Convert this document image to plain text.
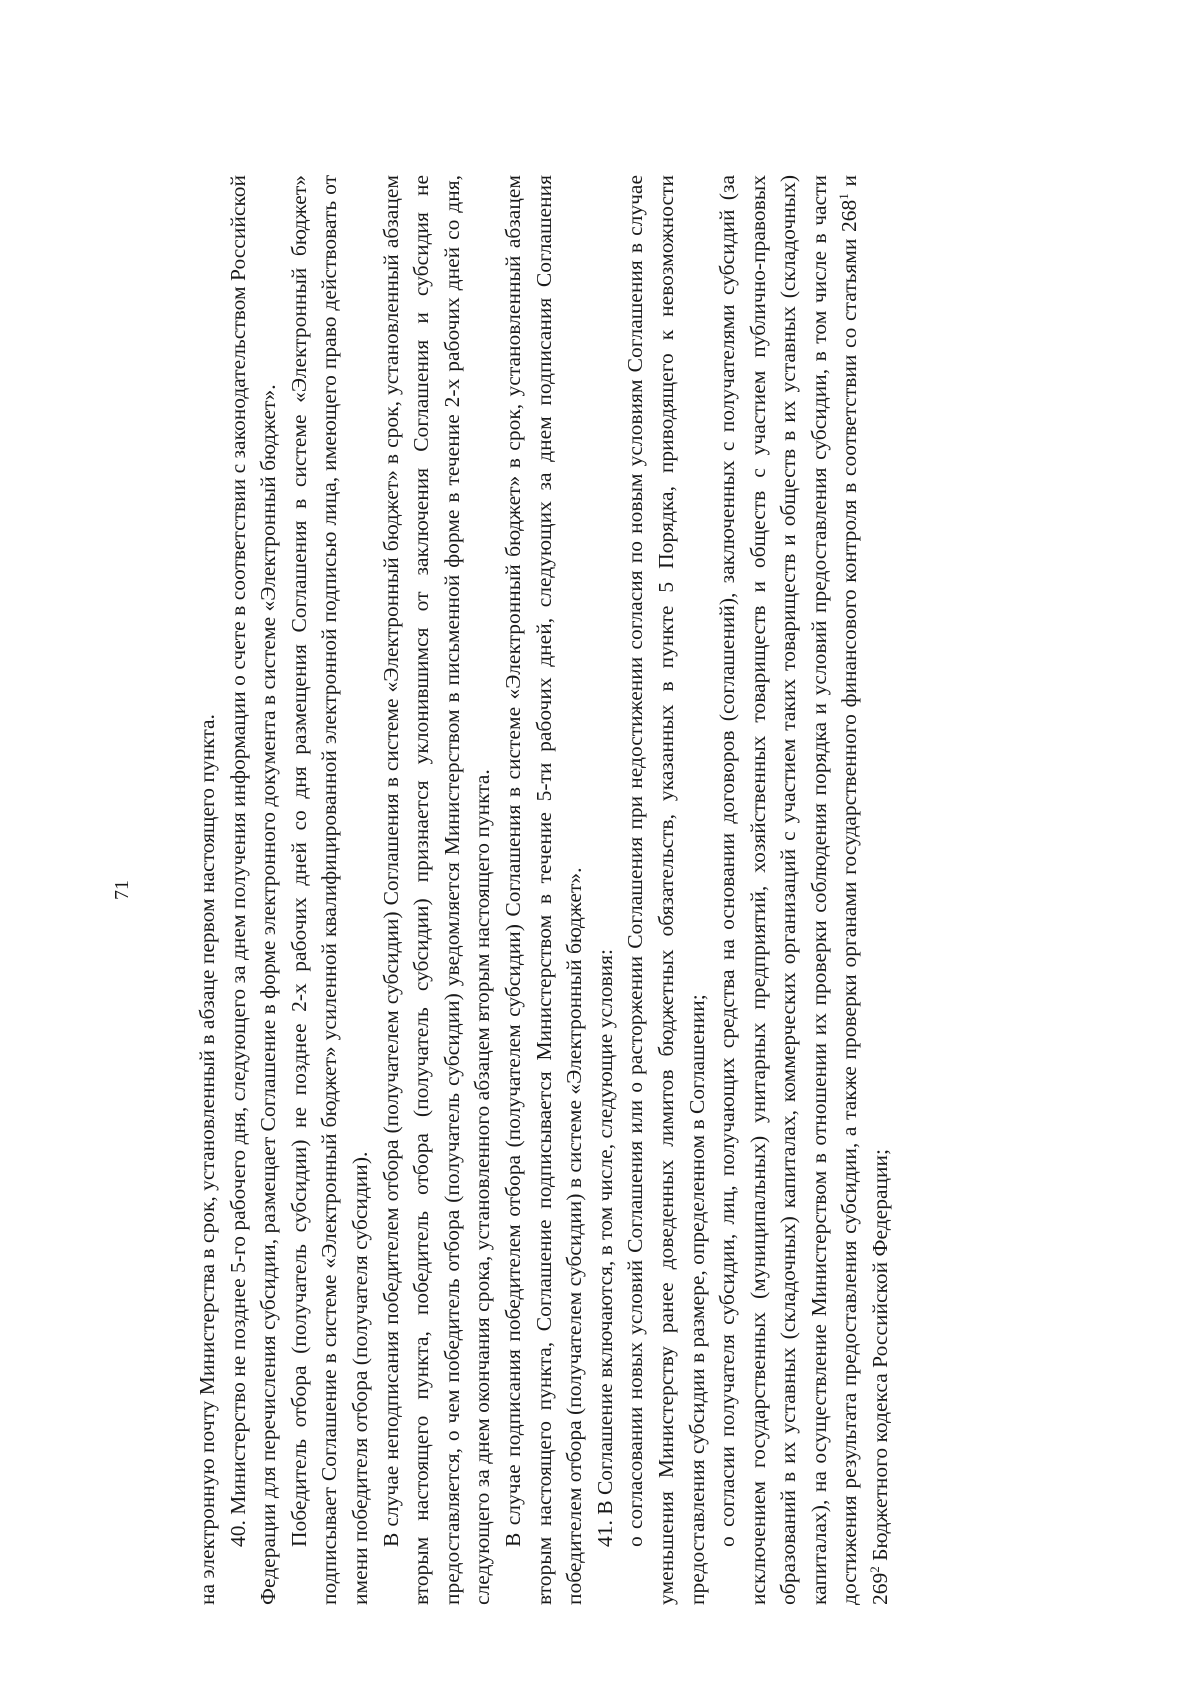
71	на электронную почту Министерства в срок, установленный в абзаце первом настоящего пункта. 40. Министерство не позднее 5-го рабочего дня, следующего за днем получения информации о счете в соответствии с законодательством Российской Федерации для перечисления субсидии, размещает Соглашение в форме электронного документа в системе «Электронный бюджет». Победитель отбора (получатель субсидии) не позднее 2-х рабочих дней со дня размещения Соглашения в системе «Электронный бюджет» подписывает Соглашение в системе «Электронный бюджет» усиленной квалифицированной электронной подписью лица, имеющего право действовать от имени победителя отбора (получателя субсидии). В случае неподписания победителем отбора (получателем субсидии) Соглашения в системе «Электронный бюджет» в срок, установленный абзацем вторым настоящего пункта, победитель отбора (получатель субсидии) признается уклонившимся от заключения Соглашения и субсидия не предоставляется, о чем победитель отбора (получатель субсидии) уведомляется Министерством в письменной форме в течение 2-х рабочих дней со дня, следующего за днем окончания срока, установленного абзацем вторым настоящего пункта. В случае подписания победителем отбора (получателем субсидии) Соглашения в системе «Электронный бюджет» в срок, установленный абзацем вторым настоящего пункта, Соглашение подписывается Министерством в течение 5-ти рабочих дней, следующих за днем подписания Соглашения победителем отбора (получателем субсидии) в системе «Электронный бюджет». 41. В Соглашение включаются, в том числе, следующие условия: о согласовании новых условий Соглашения или о расторжении Соглашения при недостижении согласия по новым условиям Соглашения в случае уменьшения Министерству ранее доведенных лимитов бюджетных обязательств, указанных в пункте 5 Порядка, приводящего к невозможности предоставления субсидии в размере, определенном в Соглашении; о согласии получателя субсидии, лиц, получающих средства на основании договоров (соглашений), заключенных с получателями субсидий (за исключением государственных (муниципальных) унитарных предприятий, хозяйственных товариществ и обществ с участием публично-правовых образований в их уставных (складочных) капиталах, коммерческих организаций с участием таких товариществ и обществ в их уставных (складочных) капиталах), на осуществление Министерством в отношении их проверки соблюдения порядка и условий предоставления субсидии, в том числе в части достижения результата предоставления субсидии, а также проверки органами государственного финансового контроля в соответствии со статьями $268^1$ и $269^2$ Бюджетного кодекса Российской Федерации;
